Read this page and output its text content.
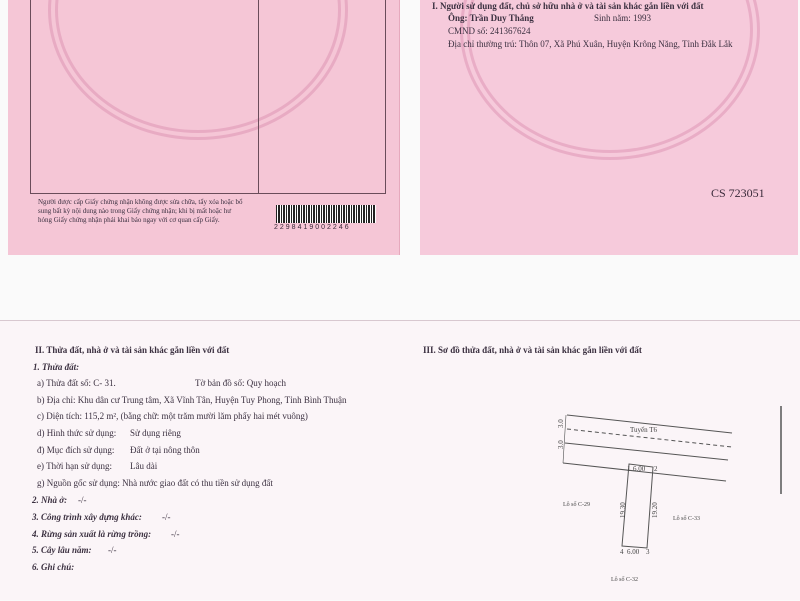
Người được cấp Giấy chứng nhận không được sửa chữa, tẩy xóa hoặc bổ
sung bất kỳ nội dung nào trong Giấy chứng nhận; khi bị mất hoặc hư
hỏng Giấy chứng nhận phải khai báo ngay với cơ quan cấp Giấy.
2298419002246
I. Người sử dụng đất, chủ sở hữu nhà ở và tài sản khác gắn liền với đất
Ông: Trần Duy Thắng	Sinh năm: 1993
CMND số: 241367624
Địa chỉ thường trú: Thôn 07, Xã Phú Xuân, Huyện Krông Năng, Tỉnh Đắk Lắk
CS 723051
II. Thửa đất, nhà ở và tài sản khác gắn liền với đất
1. Thửa đất:
a) Thửa đất số: C- 31.	Tờ bản đồ số: Quy hoạch
b) Địa chỉ: Khu dân cư Trung tâm, Xã Vĩnh Tân, Huyện Tuy Phong, Tỉnh Bình Thuận
c) Diện tích: 115,2 m², (bằng chữ: một trăm mười lăm phẩy hai mét vuông)
d) Hình thức sử dụng: Sử dụng riêng
đ) Mục đích sử dụng: Đất ở tại nông thôn
e) Thời hạn sử dụng: Lâu dài
g) Nguồn gốc sử dụng: Nhà nước giao đất có thu tiền sử dụng đất
2. Nhà ở: -/-
3. Công trình xây dựng khác: -/-
4. Rừng sản xuất là rừng trồng: -/-
5. Cây lâu năm: -/-
6. Ghi chú:
III. Sơ đồ thửa đất, nhà ở và tài sản khác gắn liền với đất
Tuyến T6
3.0
3.0
1 6.00 2
19.30	19.20
4 6.00 3
Lô số C-29
Lô số C-33
Lô số C-32
